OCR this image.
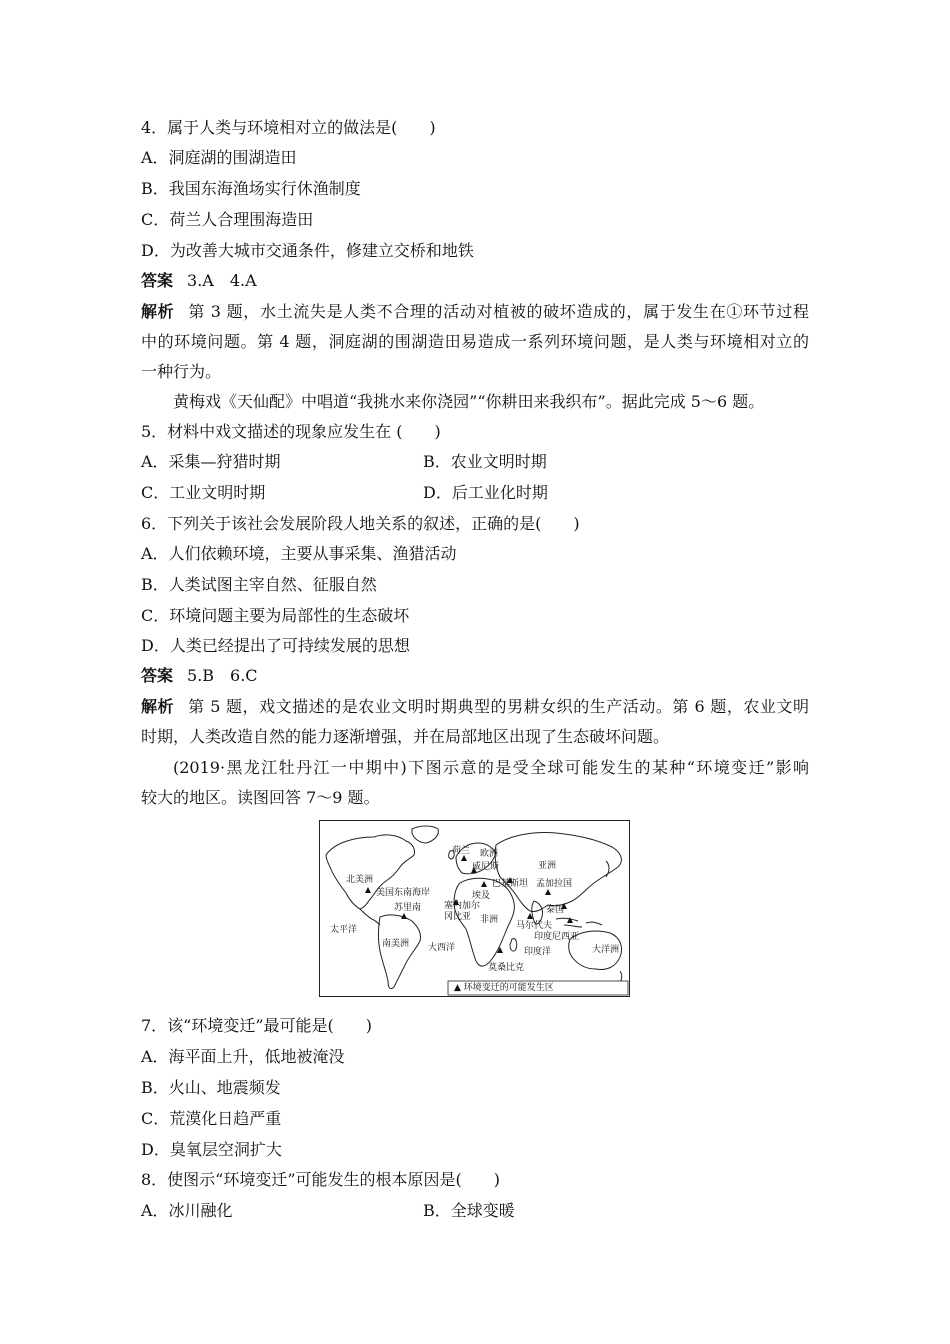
4．属于人类与环境相对立的做法是(　　)
A．洞庭湖的围湖造田
B．我国东海渔场实行休渔制度
C．荷兰人合理围海造田
D．为改善大城市交通条件，修建立交桥和地铁
答案 3.A　4.A
解析 第 3 题，水土流失是人类不合理的活动对植被的破坏造成的，属于发生在①环节过程
中的环境问题。第 4 题，洞庭湖的围湖造田易造成一系列环境问题，是人类与环境相对立的
一种行为。
黄梅戏《天仙配》中唱道“我挑水来你浇园”“你耕田来我织布”。据此完成 5～6 题。
5．材料中戏文描述的现象应发生在 (　　)
A．采集—狩猎时期	B．农业文明时期
C．工业文明时期	D．后工业化时期
6．下列关于该社会发展阶段人地关系的叙述，正确的是(　　)
A．人们依赖环境，主要从事采集、渔猎活动
B．人类试图主宰自然、征服自然
C．环境问题主要为局部性的生态破坏
D．人类已经提出了可持续发展的思想
答案 5.B　6.C
解析 第 5 题，戏文描述的是农业文明时期典型的男耕女织的生产活动。第 6 题，农业文明
时期，人类改造自然的能力逐渐增强，并在局部地区出现了生态破坏问题。
(2019·黑龙江牡丹江一中期中)下图示意的是受全球可能发生的某种“环境变迁”影响
较大的地区。读图回答 7～9 题。
荷兰 欧洲
威尼斯	亚洲
北美洲
美国东南海岸
巴基斯坦 孟加拉国
埃及
苏里南	塞内加尔
冈比亚
泰国
太平洋
非洲
马尔代夫
印度尼西亚
南美洲 大西洋	印度洋	大洋洲
莫桑比克
▲ 环境变迁的可能发生区
7．该“环境变迁”最可能是(　　)
A．海平面上升，低地被淹没
B．火山、地震频发
C．荒漠化日趋严重
D．臭氧层空洞扩大
8．使图示“环境变迁”可能发生的根本原因是(　　)
A．冰川融化	B．全球变暖
